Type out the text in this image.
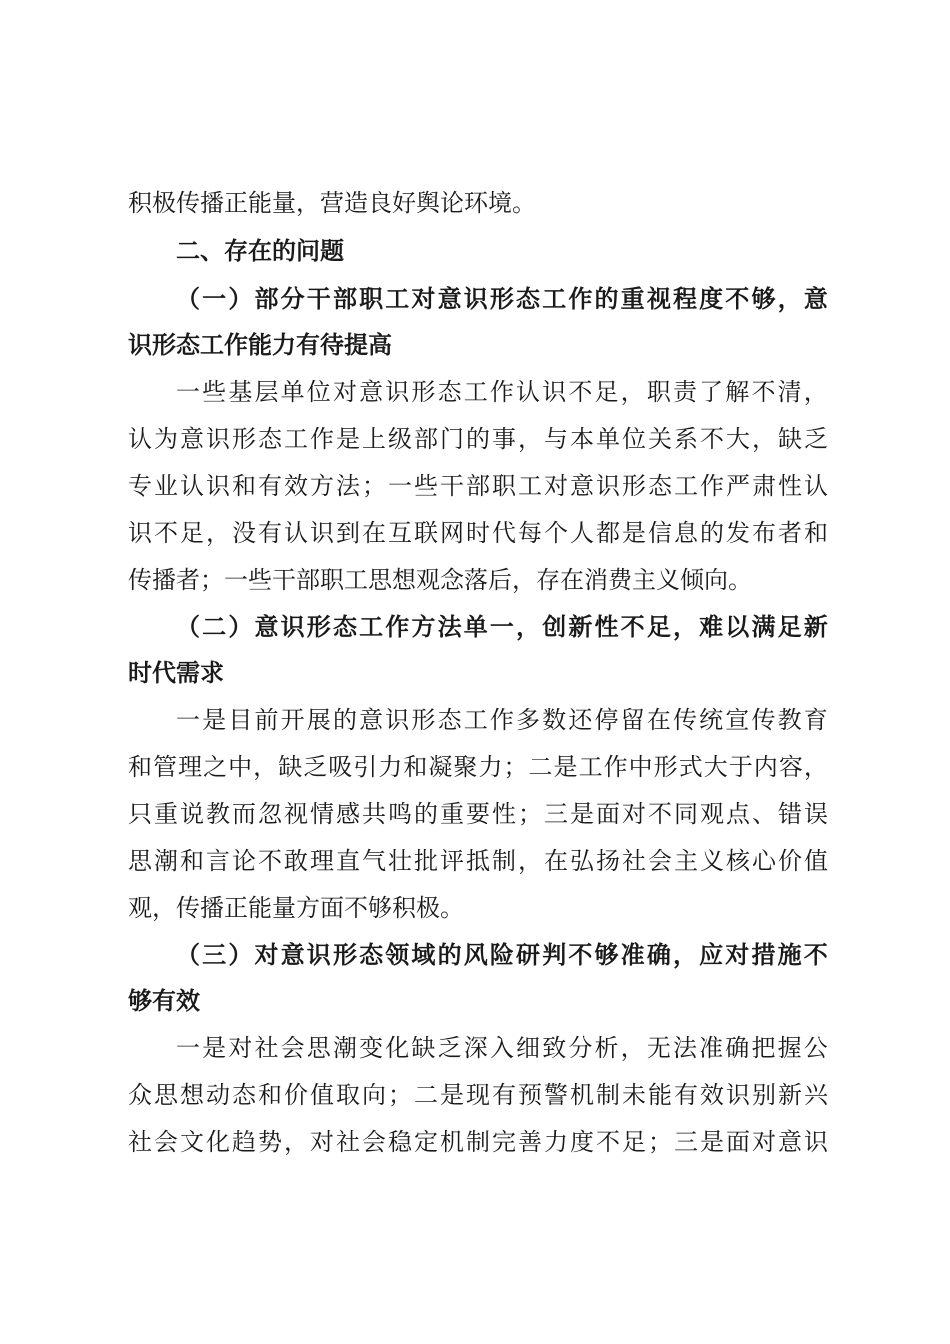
积极传播正能量，营造良好舆论环境。
二、存在的问题
（ 一 ） 部 分 干 部 职 工 对 意 识 形 态 工 作 的 重 视 程 度 不 够 ， 意
识形态工作能力有待提高
一 些 基 层 单 位 对 意 识 形 态 工 作 认 识 不 足 ， 职 责 了 解 不 清 ，
认 为 意 识 形 态 工 作 是 上 级 部 门 的 事 ， 与 本 单 位 关 系 不 大 ， 缺 乏
专 业 认 识 和 有 效 方 法 ； 一 些 干 部 职 工 对 意 识 形 态 工 作 严 肃 性 认
识 不 足 ， 没 有 认 识 到 在 互 联 网 时 代 每 个 人 都 是 信 息 的 发 布 者 和
传播者；一些干部职工思想观念落后，存在消费主义倾向。
（ 二 ） 意 识 形 态 工 作 方 法 单 一 ， 创 新 性 不 足 ， 难 以 满 足 新
时代需求
一 是 目 前 开 展 的 意 识 形 态 工 作 多 数 还 停 留 在 传 统 宣 传 教 育
和 管 理 之 中 ， 缺 乏 吸 引 力 和 凝 聚 力 ； 二 是 工 作 中 形 式 大 于 内 容 ，
只 重 说 教 而 忽 视 情 感 共 鸣 的 重 要 性 ； 三 是 面 对 不 同 观 点 、 错 误
思 潮 和 言 论 不 敢 理 直 气 壮 批 评 抵 制 ， 在 弘 扬 社 会 主 义 核 心 价 值
观，传播正能量方面不够积极。
（ 三 ） 对 意 识 形 态 领 域 的 风 险 研 判 不 够 准 确 ， 应 对 措 施 不
够有效
一 是 对 社 会 思 潮 变 化 缺 乏 深 入 细 致 分 析 ， 无 法 准 确 把 握 公
众 思 想 动 态 和 价 值 取 向 ； 二 是 现 有 预 警 机 制 未 能 有 效 识 别 新 兴
社 会 文 化 趋 势 ， 对 社 会 稳 定 机 制 完 善 力 度 不 足 ； 三 是 面 对 意 识
